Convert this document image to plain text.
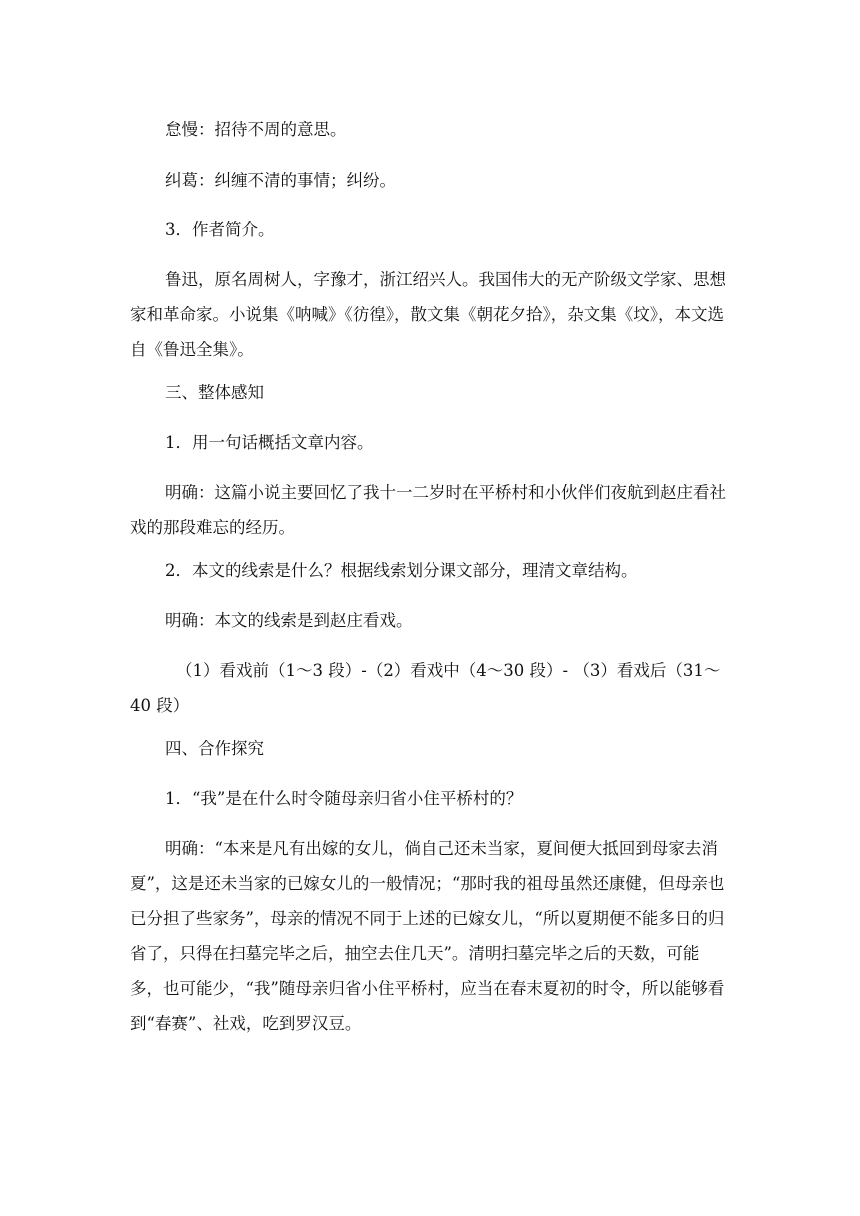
怠慢：招待不周的意思。

纠葛：纠缠不清的事情；纠纷。

3．作者简介。

鲁迅，原名周树人，字豫才，浙江绍兴人。我国伟大的无产阶级文学家、思想家和革命家。小说集《呐喊》《彷徨》，散文集《朝花夕拾》，杂文集《坟》，本文选自《鲁迅全集》。

三、整体感知

1．用一句话概括文章内容。

明确：这篇小说主要回忆了我十一二岁时在平桥村和小伙伴们夜航到赵庄看社戏的那段难忘的经历。

2．本文的线索是什么？根据线索划分课文部分，理清文章结构。

明确：本文的线索是到赵庄看戏。

（1）看戏前（1～3 段）-（2）看戏中（4～30 段）- （3）看戏后（31～40 段）

四、合作探究

1．“我”是在什么时令随母亲归省小住平桥村的？

明确：“本来是凡有出嫁的女儿，倘自己还未当家，夏间便大抵回到母家去消夏”，这是还未当家的已嫁女儿的一般情况；“那时我的祖母虽然还康健，但母亲也已分担了些家务”，母亲的情况不同于上述的已嫁女儿，“所以夏期便不能多日的归省了，只得在扫墓完毕之后，抽空去住几天”。清明扫墓完毕之后的天数，可能多，也可能少，“我”随母亲归省小住平桥村，应当在春末夏初的时令，所以能够看到“春赛”、社戏，吃到罗汉豆。
